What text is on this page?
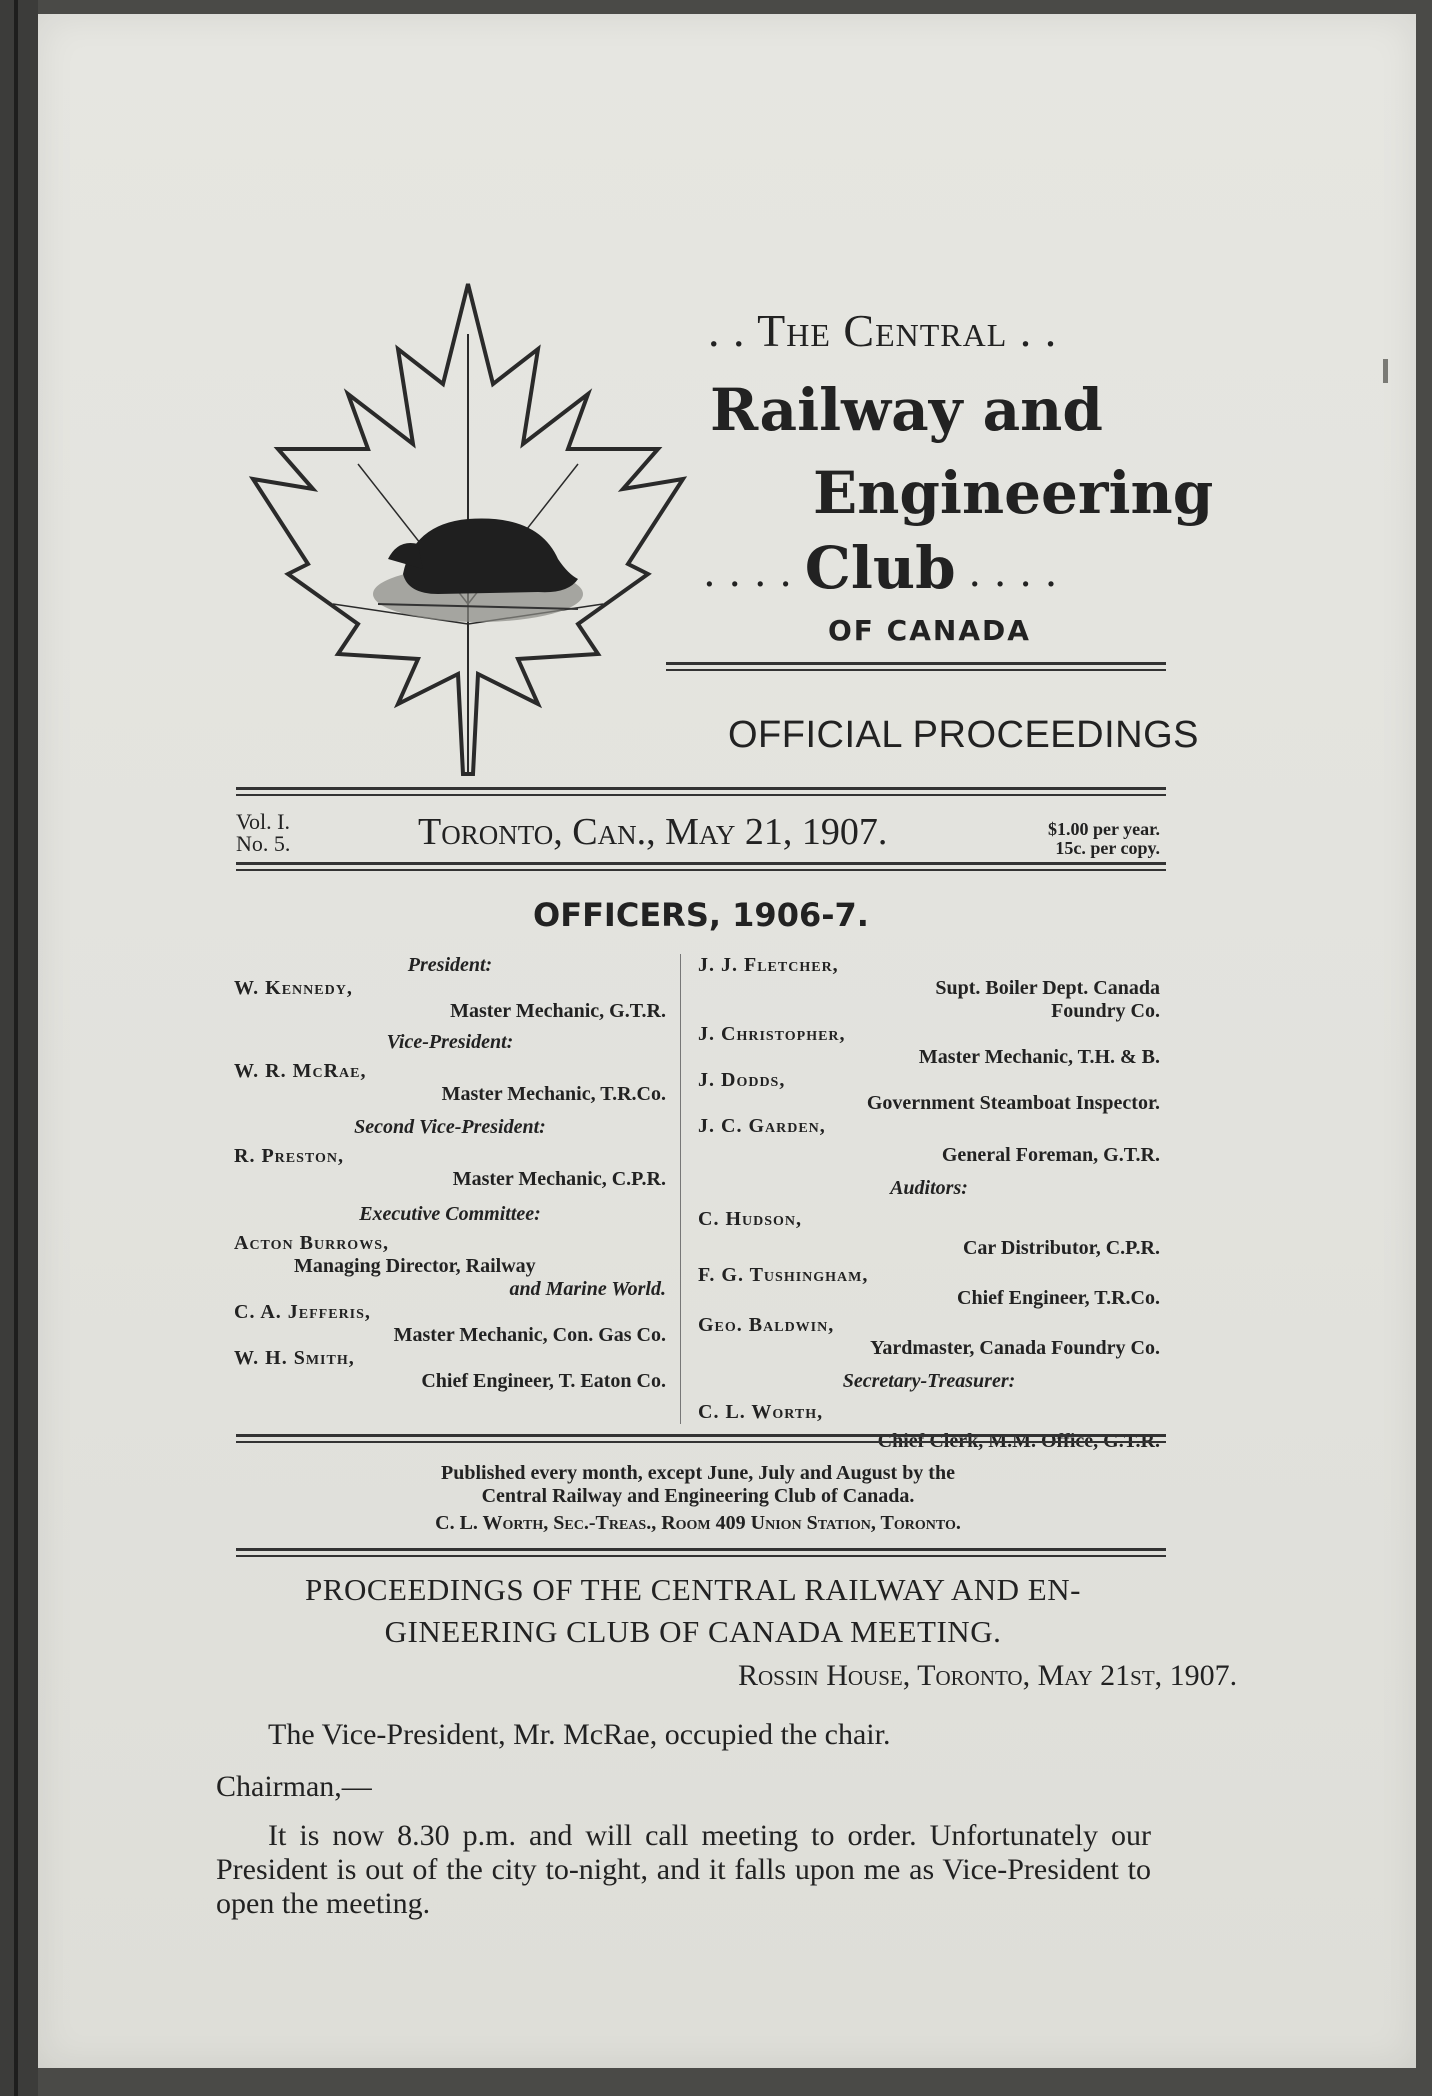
. . The Central . .
Railway and
Engineering
. . . . Club . . . .
OF CANADA
OFFICIAL PROCEEDINGS
Vol. I.
No. 5.	Toronto, Can., May 21, 1907.	$1.00 per year.
15c. per copy.
OFFICERS, 1906-7.
President:
W. Kennedy,
Master Mechanic, G.T.R.
Vice-President:
W. R. McRae,
Master Mechanic, T.R.Co.
Second Vice-President:
R. Preston,
Master Mechanic, C.P.R.
Executive Committee:
Acton Burrows,
Managing Director, Railway
and Marine World.
C. A. Jefferis,
Master Mechanic, Con. Gas Co.
W. H. Smith,
Chief Engineer, T. Eaton Co.
J. J. Fletcher,
Supt. Boiler Dept. Canada
Foundry Co.
J. Christopher,
Master Mechanic, T.H. & B.
J. Dodds,
Government Steamboat Inspector.
J. C. Garden,
General Foreman, G.T.R.
Auditors:
C. Hudson,
Car Distributor, C.P.R.
F. G. Tushingham,
Chief Engineer, T.R.Co.
Geo. Baldwin,
Yardmaster, Canada Foundry Co.
Secretary-Treasurer:
C. L. Worth,
Chief Clerk, M.M. Office, G.T.R.
Published every month, except June, July and August by the
Central Railway and Engineering Club of Canada.
C. L. Worth, Sec.-Treas., Room 409 Union Station, Toronto.
PROCEEDINGS OF THE CENTRAL RAILWAY AND EN-
GINEERING CLUB OF CANADA MEETING.
Rossin House, Toronto, May 21st, 1907.
The Vice-President, Mr. McRae, occupied the chair.
Chairman,—
It is now 8.30 p.m. and will call meeting to order. Unfortunately our President is out of the city to-night, and it falls upon me as Vice-President to open the meeting.
